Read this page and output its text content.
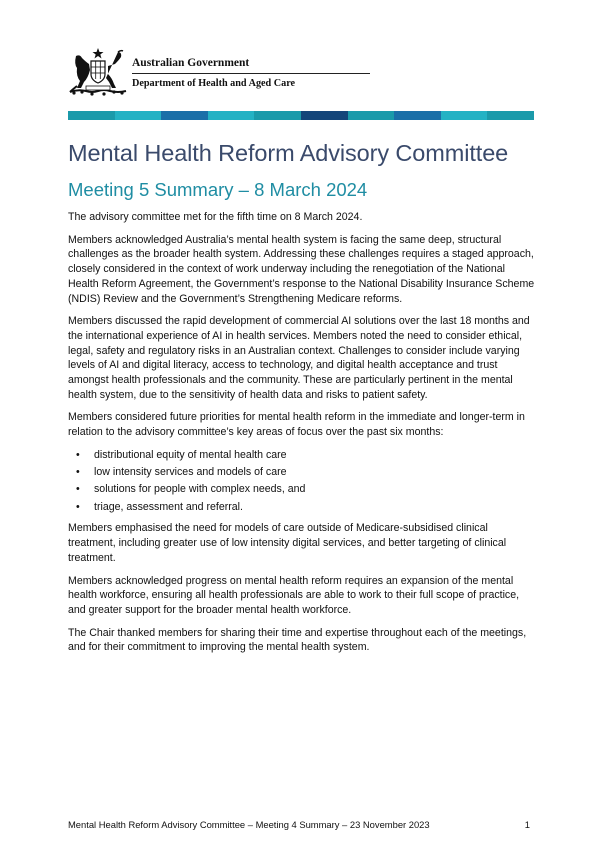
Australian Government
Department of Health and Aged Care
Mental Health Reform Advisory Committee
Meeting 5 Summary – 8 March 2024

The advisory committee met for the fifth time on 8 March 2024.

Members acknowledged Australia’s mental health system is facing the same deep, structural challenges as the broader health system. Addressing these challenges requires a staged approach, closely considered in the context of work underway including the renegotiation of the National Health Reform Agreement, the Government’s response to the National Disability Insurance Scheme (NDIS) Review and the Government’s Strengthening Medicare reforms.

Members discussed the rapid development of commercial AI solutions over the last 18 months and the international experience of AI in health services. Members noted the need to consider ethical, legal, safety and regulatory risks in an Australian context. Challenges to consider include varying levels of AI and digital literacy, access to technology, and digital health acceptance and trust amongst health professionals and the community. These are particularly pertinent in the mental health system, due to the sensitivity of health data and risks to patient safety.

Members considered future priorities for mental health reform in the immediate and longer-term in relation to the advisory committee’s key areas of focus over the past six months:

• distributional equity of mental health care
• low intensity services and models of care
• solutions for people with complex needs, and
• triage, assessment and referral.

Members emphasised the need for models of care outside of Medicare-subsidised clinical treatment, including greater use of low intensity digital services, and better targeting of clinical treatment.

Members acknowledged progress on mental health reform requires an expansion of the mental health workforce, ensuring all health professionals are able to work to their full scope of practice, and greater support for the broader mental health workforce.

The Chair thanked members for sharing their time and expertise throughout each of the meetings, and for their commitment to improving the mental health system.

Mental Health Reform Advisory Committee – Meeting 4 Summary – 23 November 2023	1
